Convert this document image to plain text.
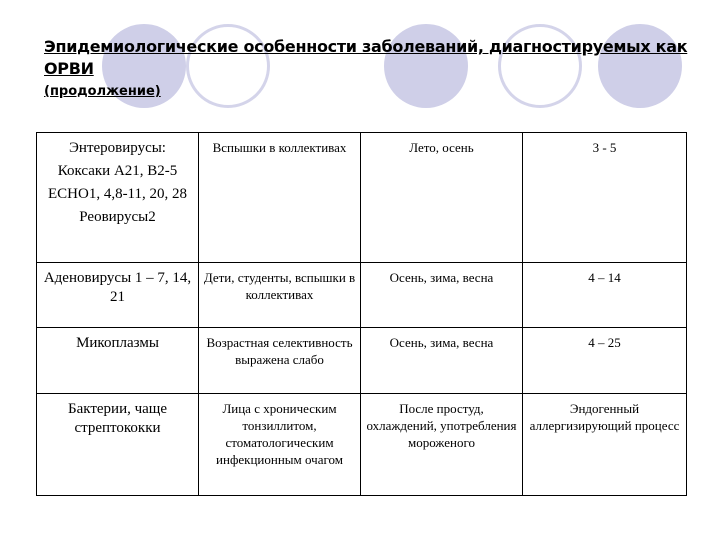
Эпидемиологические особенности заболеваний, диагностируемых как ОРВИ
(продолжение)
Энтеровирусы:
Коксаки А21, В2-5
ECHO1, 4,8-11, 20, 28
Реовирусы2	Вспышки в коллективах	Лето, осень	3 - 5

Аденовирусы 1 – 7, 14, 21	Дети, студенты, вспышки в коллективах	Осень, зима, весна	4 – 14

Микоплазмы	Возрастная селективность выражена слабо	Осень, зима, весна	4 – 25

Бактерии, чаще стрептококки	Лица с хроническим тонзиллитом, стоматологическим инфекционным очагом	После простуд, охлаждений, употребления мороженого	Эндогенный аллергизирующий процесс
